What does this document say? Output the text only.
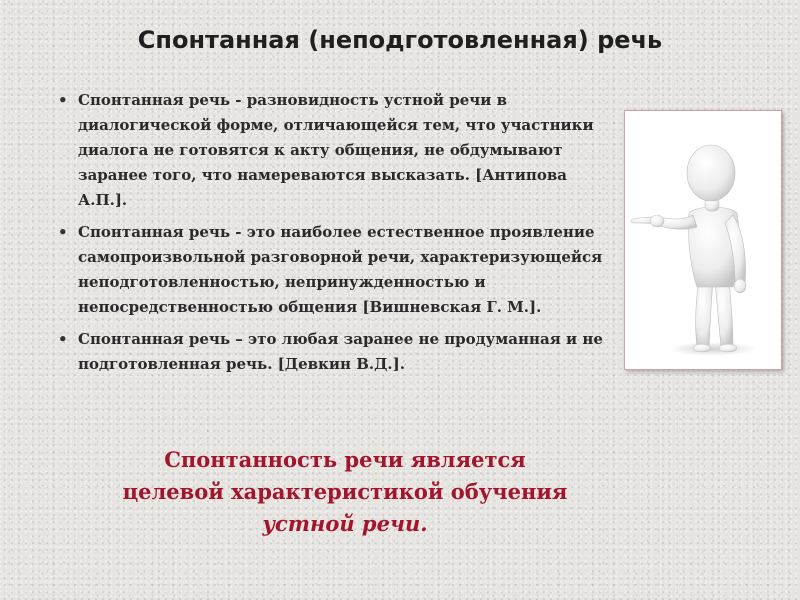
Спонтанная (неподготовленная) речь
• Спонтанная речь - разновидность устной речи в диалогической форме, отличающейся тем, что участники диалога не готовятся к акту общения, не обдумывают заранее того, что намереваются высказать. [Антипова А.П.].
• Спонтанная речь - это наиболее естественное проявление самопроизвольной разговорной речи, характеризующейся неподготовленностью, непринужденностью и непосредственностью общения [Вишневская Г. М.].
• Спонтанная речь – это любая заранее не продуманная и не подготовленная речь. [Девкин В.Д.].

Спонтанность речи является
целевой характеристикой обучения
устной речи.
